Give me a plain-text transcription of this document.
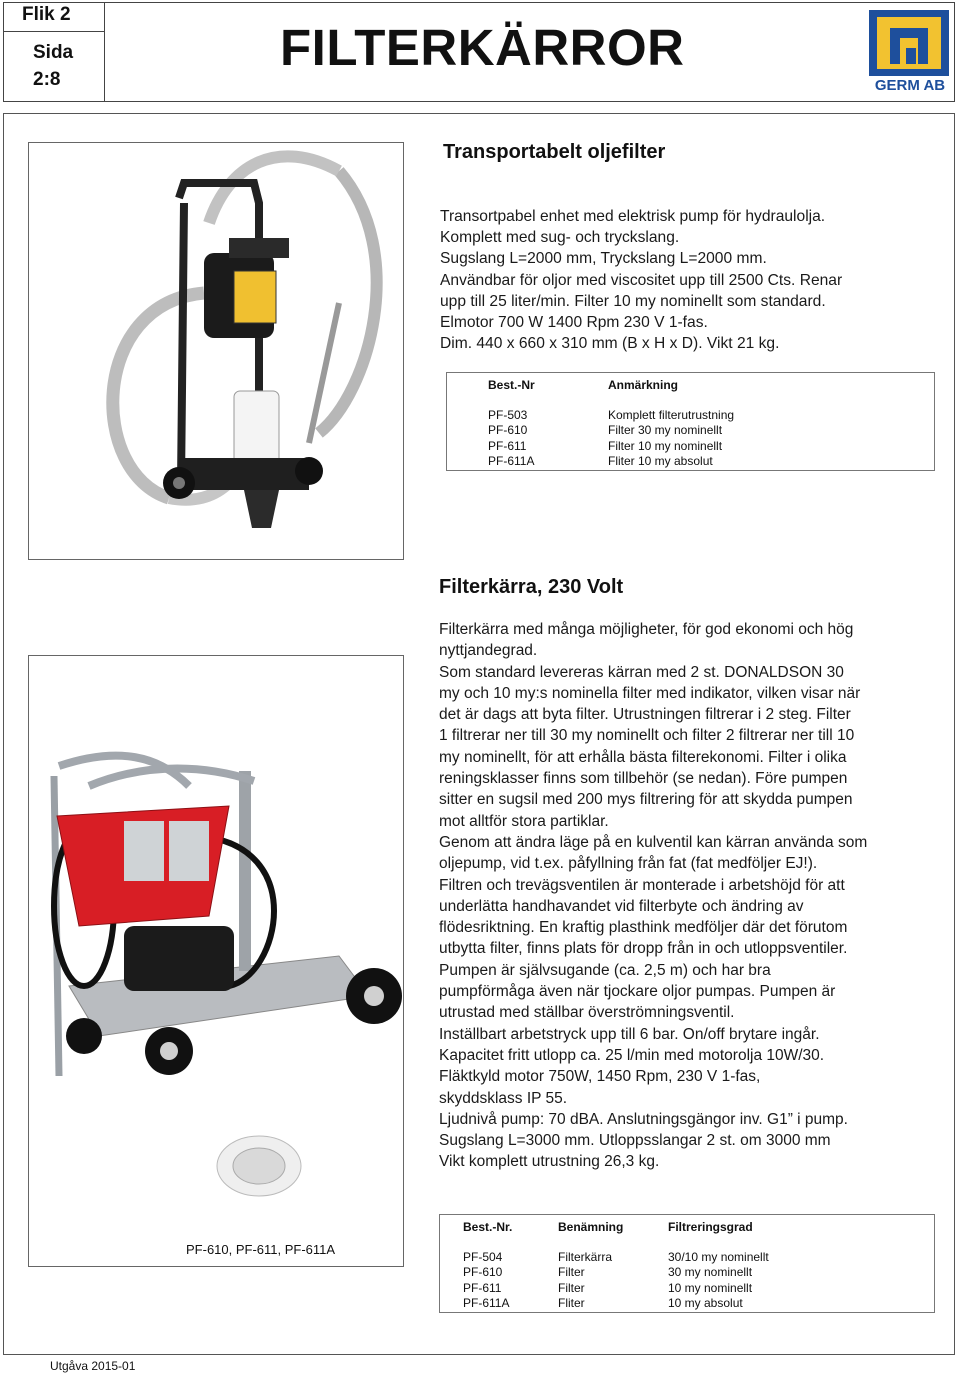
Flik 2
Sida
2:8
FILTERKÄRROR
GERM AB
Transportabelt oljefilter
Transortpabel enhet med elektrisk pump för hydraulolja.
Komplett med sug- och tryckslang.
Sugslang L=2000 mm, Tryckslang L=2000 mm.
Användbar för oljor med viscositet upp till 2500 Cts. Renar
upp till 25 liter/min. Filter 10 my nominellt som standard.
Elmotor 700 W 1400 Rpm 230 V 1-fas.
Dim. 440 x 660 x 310 mm (B x H x D). Vikt 21 kg.
Best.-Nr	Anmärkning
PF-503	Komplett filterutrustning
PF-610	Filter 30 my nominellt
PF-611	Filter 10 my nominellt
PF-611A	Fliter 10 my absolut
Filterkärra, 230 Volt
Filterkärra med många möjligheter, för god ekonomi och hög
nyttjandegrad.
Som standard levereras kärran med 2 st. DONALDSON 30
my och 10 my:s nominella filter med indikator, vilken visar när
det är dags att byta filter. Utrustningen filtrerar i 2 steg. Filter
1 filtrerar ner till 30 my nominellt och filter 2 filtrerar ner till 10
my nominellt, för att erhålla bästa filterekonomi. Filter i olika
reningsklasser finns som tillbehör (se nedan). Före pumpen
sitter en sugsil med 200 mys filtrering för att skydda pumpen
mot alltför stora partiklar.
Genom att ändra läge på en kulventil kan kärran använda som
oljepump, vid t.ex. påfyllning från fat (fat medföljer EJ!).
Filtren och trevägsventilen är monterade i arbetshöjd för att
underlätta handhavandet vid filterbyte och ändring av
flödesriktning. En kraftig plasthink medföljer där det förutom
utbytta filter, finns plats för dropp från in och utloppsventiler.
Pumpen är självsugande (ca. 2,5 m) och har bra
pumpförmåga även när tjockare oljor pumpas. Pumpen är
utrustad med ställbar överströmningsventil.
Inställbart arbetstryck upp till 6 bar. On/off brytare ingår.
Kapacitet fritt utlopp ca. 25 l/min med motorolja 10W/30.
Fläktkyld motor 750W, 1450 Rpm, 230 V 1-fas,
skyddsklass IP 55.
Ljudnivå pump: 70 dBA. Anslutningsgängor inv. G1” i pump.
Sugslang L=3000 mm. Utloppsslangar 2 st. om 3000 mm
Vikt komplett utrustning 26,3 kg.
PF-610, PF-611, PF-611A
Best.-Nr.	Benämning	Filtreringsgrad
PF-504	Filterkärra	30/10 my nominellt
PF-610	Filter	30 my nominellt
PF-611	Filter	10 my nominellt
PF-611A	Fliter	10 my absolut
Utgåva 2015-01
